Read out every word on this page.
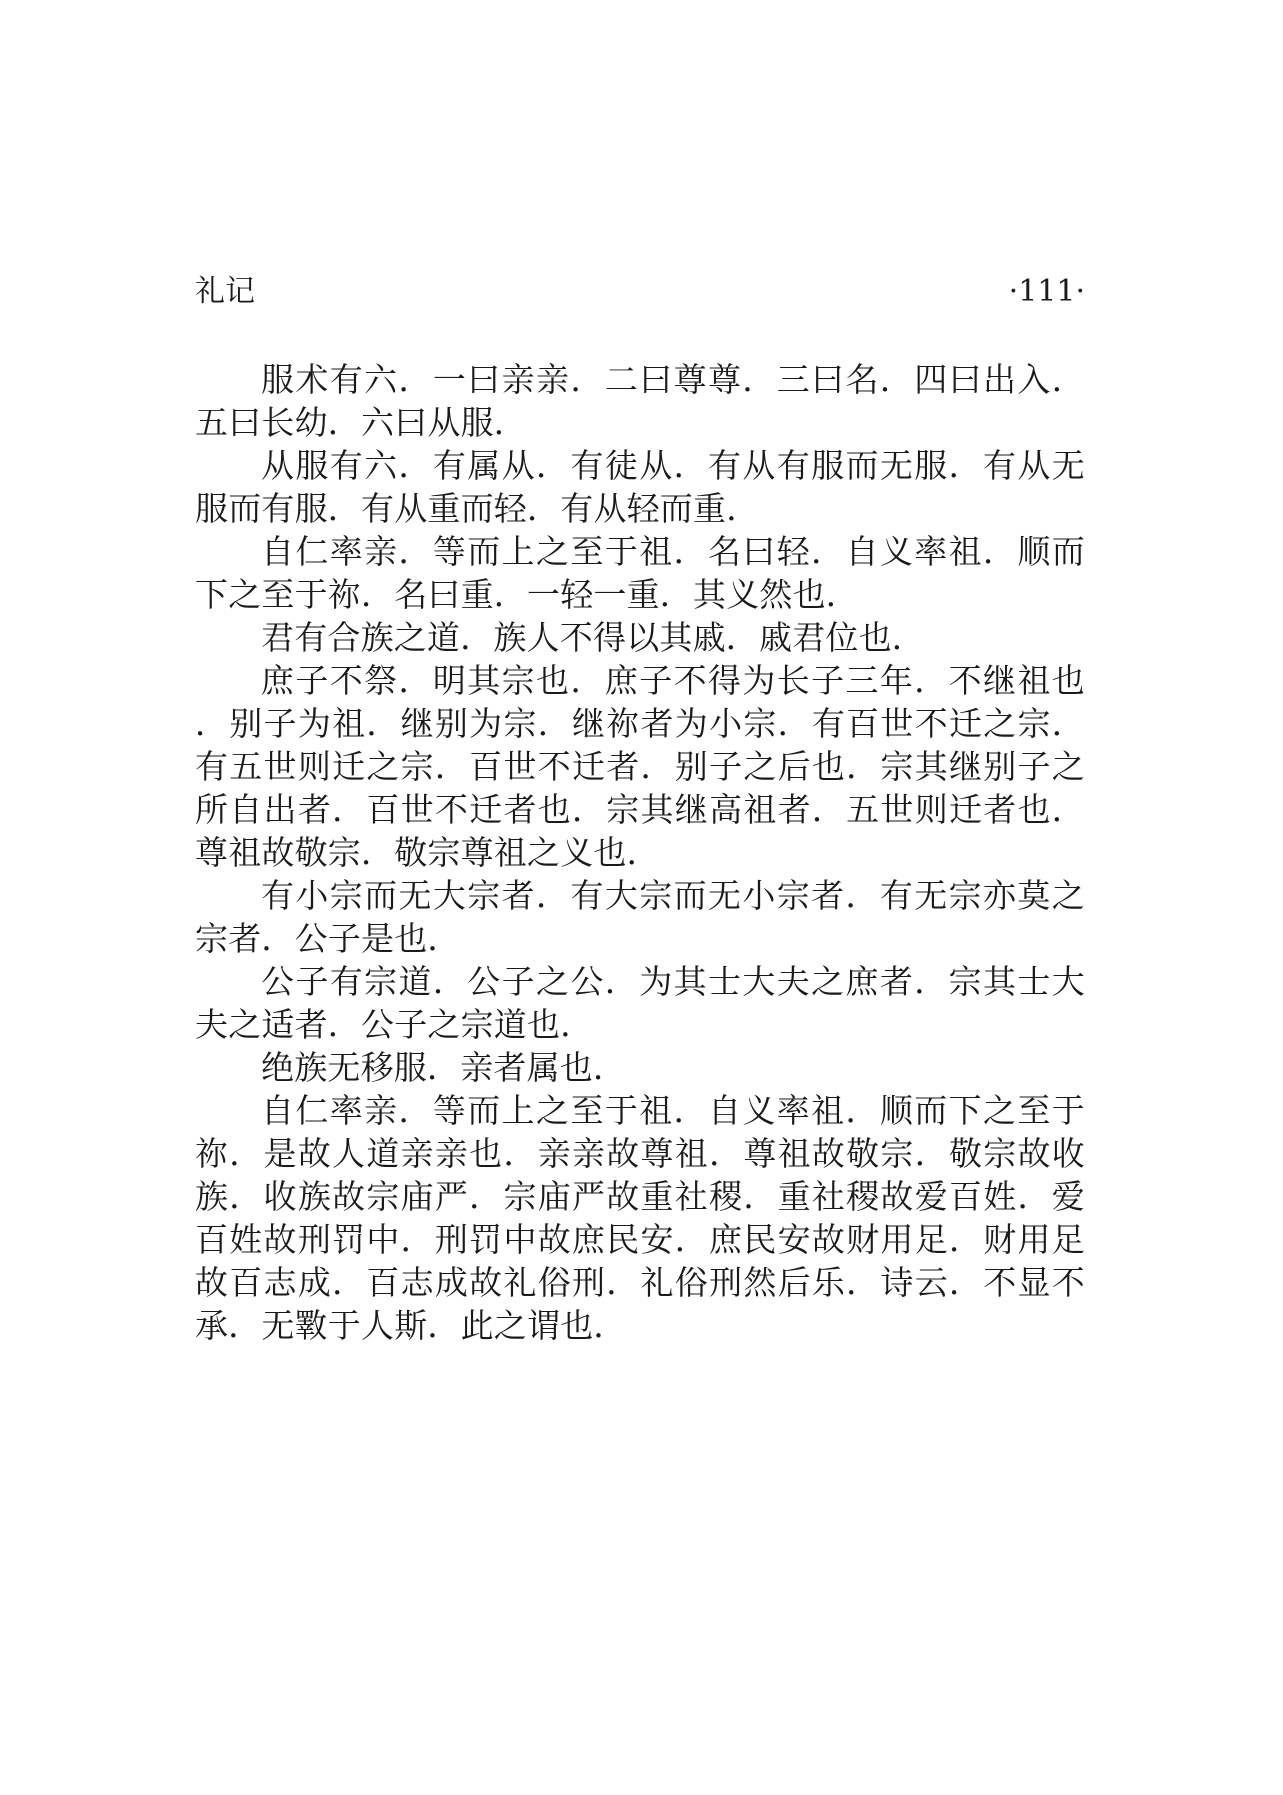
礼记	·111·

服术有六．一曰亲亲．二曰尊尊．三曰名．四曰出入．五曰长幼．六曰从服．

从服有六．有属从．有徒从．有从有服而无服．有从无服而有服．有从重而轻．有从轻而重．

自仁率亲．等而上之至于祖．名曰轻．自义率祖．顺而下之至于祢．名曰重．一轻一重．其义然也．

君有合族之道．族人不得以其戚．戚君位也．

庶子不祭．明其宗也．庶子不得为长子三年．不继祖也．别子为祖．继别为宗．继祢者为小宗．有百世不迁之宗．有五世则迁之宗．百世不迁者．别子之后也．宗其继别子之所自出者．百世不迁者也．宗其继高祖者．五世则迁者也．尊祖故敬宗．敬宗尊祖之义也．

有小宗而无大宗者．有大宗而无小宗者．有无宗亦莫之宗者．公子是也．

公子有宗道．公子之公．为其士大夫之庶者．宗其士大夫之适者．公子之宗道也．

绝族无移服．亲者属也．

自仁率亲．等而上之至于祖．自义率祖．顺而下之至于祢．是故人道亲亲也．亲亲故尊祖．尊祖故敬宗．敬宗故收族．收族故宗庙严．宗庙严故重社稷．重社稷故爱百姓．爱百姓故刑罚中．刑罚中故庶民安．庶民安故财用足．财用足故百志成．百志成故礼俗刑．礼俗刑然后乐．诗云．不显不承．无斁于人斯．此之谓也．
